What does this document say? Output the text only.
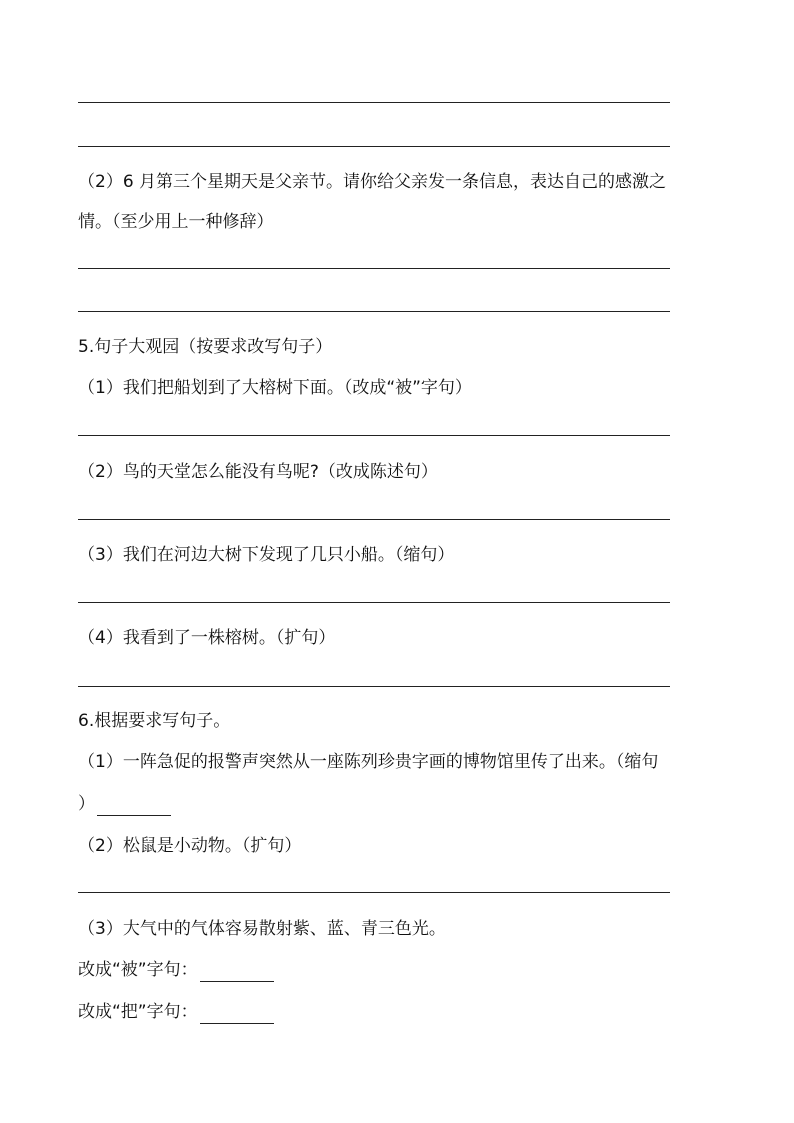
（2）6 月第三个星期天是父亲节。请你给父亲发一条信息，表达自己的感激之
情。（至少用上一种修辞）
5.句子大观园（按要求改写句子）
（1）我们把船划到了大榕树下面。（改成“被”字句）
（2）鸟的天堂怎么能没有鸟呢?（改成陈述句）
（3）我们在河边大树下发现了几只小船。（缩句）
（4）我看到了一株榕树。（扩句）
6.根据要求写句子。
（1）一阵急促的报警声突然从一座陈列珍贵字画的博物馆里传了出来。（缩句
）
（2）松鼠是小动物。（扩句）
（3）大气中的气体容易散射紫、蓝、青三色光。
改成“被”字句：
改成“把”字句：
